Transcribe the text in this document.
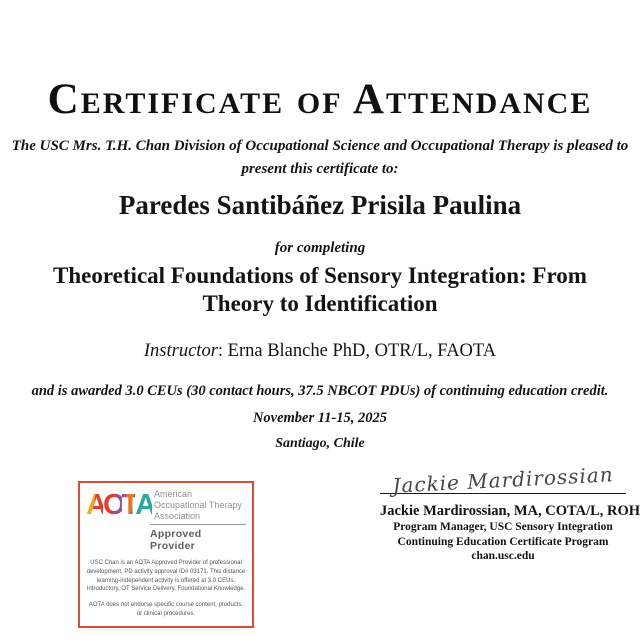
Certificate of Attendance
The USC Mrs. T.H. Chan Division of Occupational Science and Occupational Therapy is pleased to
present this certificate to:
Paredes Santibáñez Prisila Paulina
for completing
Theoretical Foundations of Sensory Integration: From
Theory to Identification
Instructor: Erna Blanche PhD, OTR/L, FAOTA
and is awarded 3.0 CEUs (30 contact hours, 37.5 NBCOT PDUs) of continuing education credit.
November 11-15, 2025
Santiago, Chile
A O T A American
Occupational Therapy
Association
Approved Provider
USC Chan is an AOTA Approved Provider of professional development. PD activity approval ID# 03171. This distance learning-independent activity is offered at 3.0 CEUs, Introductory, OT Service Delivery, Foundational Knowledge.
AOTA does not endorse specific course content, products, or clinical procedures.
Jackie Mardirossian
Jackie Mardirossian, MA, COTA/L, ROH
Program Manager, USC Sensory Integration
Continuing Education Certificate Program
chan.usc.edu
